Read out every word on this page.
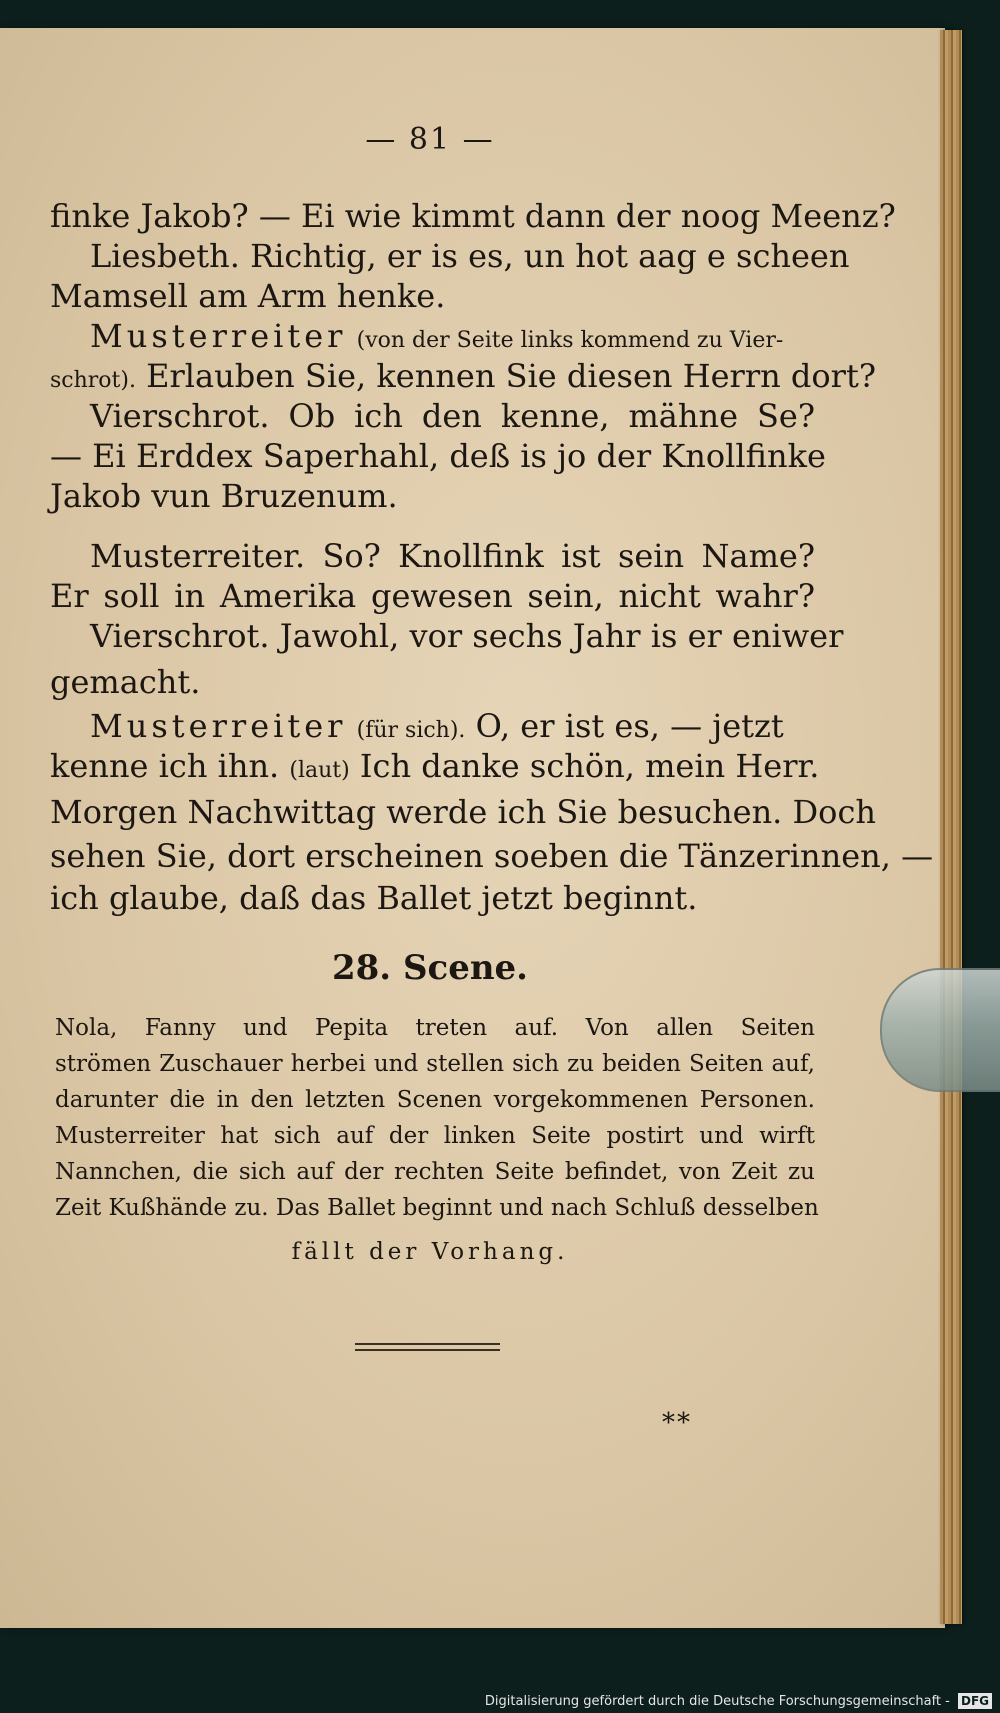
— 81 —
finke Jakob? — Ei wie kimmt dann der noog Meenz?
Liesbeth. Richtig, er is es, un hot aag e scheen
Mamsell am Arm henke.
Musterreiter (von der Seite links kommend zu Vier-
schrot). Erlauben Sie, kennen Sie diesen Herrn dort?
Vierschrot. Ob ich den kenne, mähne Se?
— Ei Erddex Saperhahl, deß is jo der Knollfinke
Jakob vun Bruzenum.
Musterreiter. So? Knollfink ist sein Name?
Er soll in Amerika gewesen sein, nicht wahr?
Vierschrot. Jawohl, vor sechs Jahr is er eniwer
gemacht.
Musterreiter (für sich). O, er ist es, — jetzt
kenne ich ihn. (laut) Ich danke schön, mein Herr.
Morgen Nachwittag werde ich Sie besuchen. Doch
sehen Sie, dort erscheinen soeben die Tänzerinnen, —
ich glaube, daß das Ballet jetzt beginnt.
28. Scene.
Nola, Fanny und Pepita treten auf. Von allen Seiten
strömen Zuschauer herbei und stellen sich zu beiden Seiten auf,
darunter die in den letzten Scenen vorgekommenen Personen.
Musterreiter hat sich auf der linken Seite postirt und wirft
Nannchen, die sich auf der rechten Seite befindet, von Zeit zu
Zeit Kußhände zu. Das Ballet beginnt und nach Schluß desselben
fällt der Vorhang.
**
Digitalisierung gefördert durch die Deutsche Forschungsgemeinschaft - DFG
